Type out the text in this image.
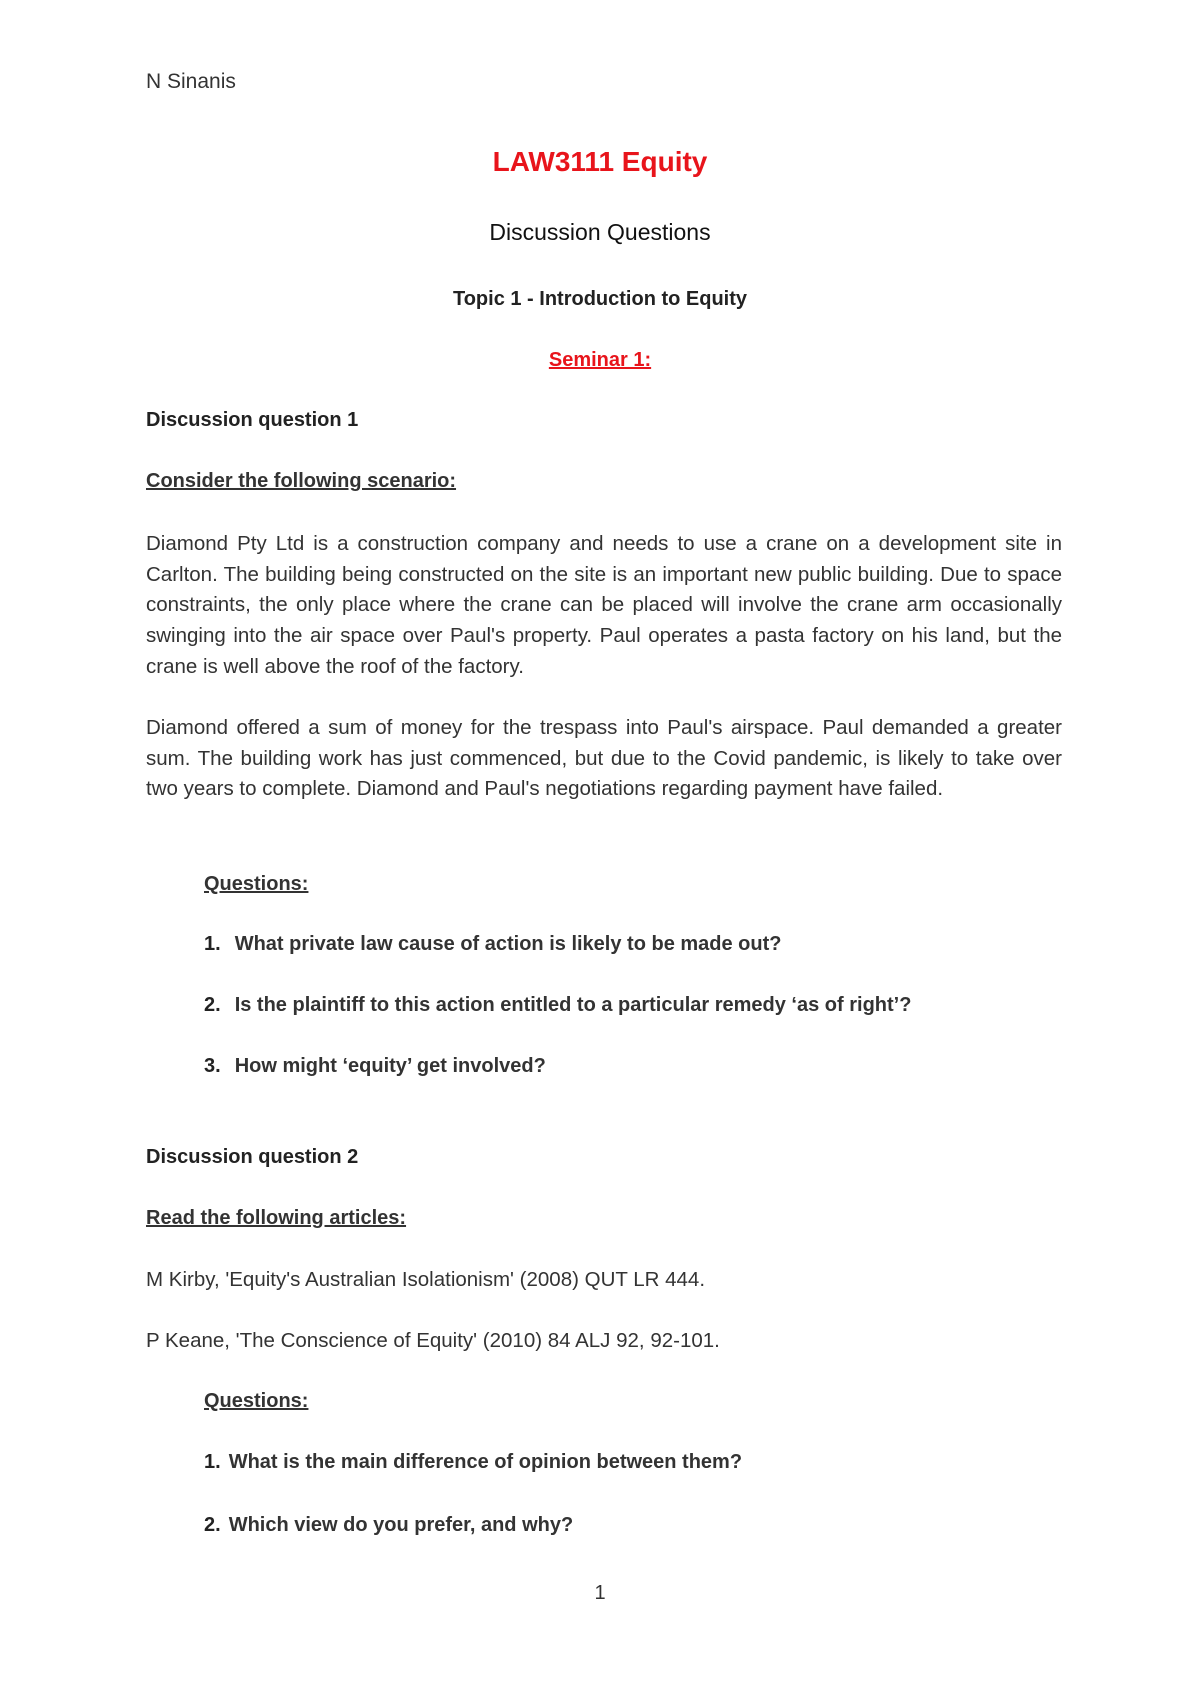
N Sinanis

LAW3111 Equity

Discussion Questions

Topic 1 - Introduction to Equity

Seminar 1:

Discussion question 1

Consider the following scenario:

Diamond Pty Ltd is a construction company and needs to use a crane on a development site in Carlton. The building being constructed on the site is an important new public building. Due to space constraints, the only place where the crane can be placed will involve the crane arm occasionally swinging into the air space over Paul's property. Paul operates a pasta factory on his land, but the crane is well above the roof of the factory.

Diamond offered a sum of money for the trespass into Paul's airspace. Paul demanded a greater sum. The building work has just commenced, but due to the Covid pandemic, is likely to take over two years to complete. Diamond and Paul's negotiations regarding payment have failed.

Questions:

1. What private law cause of action is likely to be made out?
2. Is the plaintiff to this action entitled to a particular remedy ‘as of right’?
3. How might ‘equity’ get involved?

Discussion question 2

Read the following articles:

M Kirby, 'Equity's Australian Isolationism' (2008) QUT LR 444.

P Keane, 'The Conscience of Equity' (2010) 84 ALJ 92, 92-101.

Questions:

1. What is the main difference of opinion between them?
2. Which view do you prefer, and why?

1
